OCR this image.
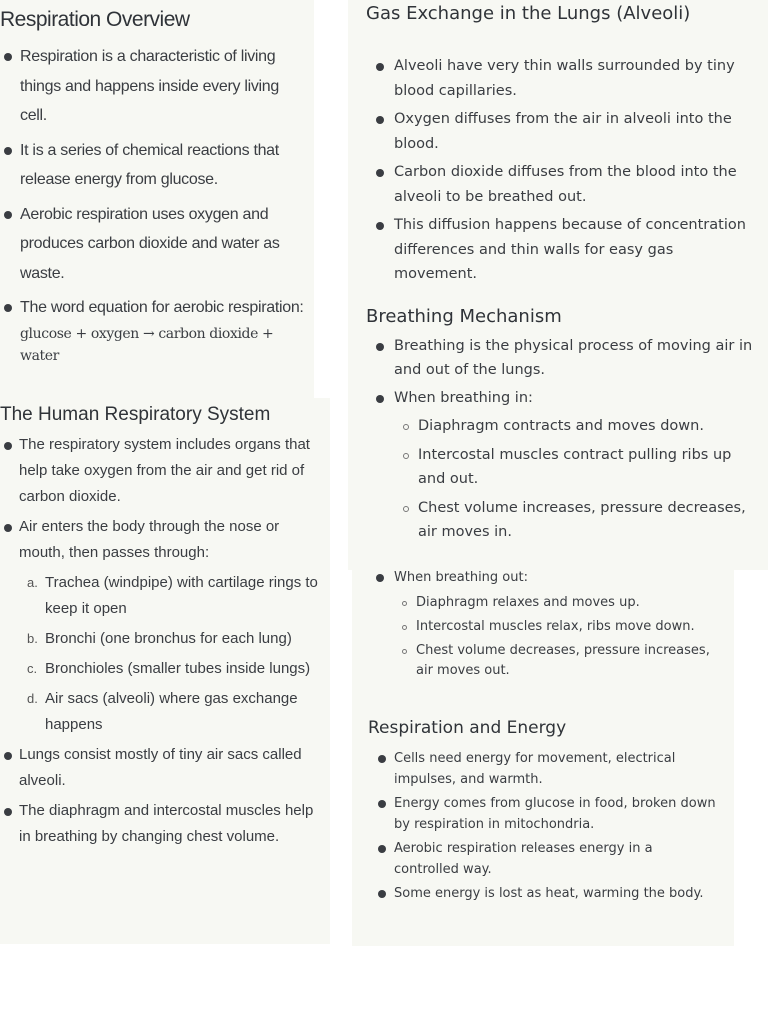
Respiration Overview
Respiration is a characteristic of living things and happens inside every living cell.
It is a series of chemical reactions that release energy from glucose.
Aerobic respiration uses oxygen and produces carbon dioxide and water as waste.
The word equation for aerobic respiration:
glucose + oxygen → carbon dioxide + water
The Human Respiratory System
The respiratory system includes organs that help take oxygen from the air and get rid of carbon dioxide.
Air enters the body through the nose or mouth, then passes through:
a. Trachea (windpipe) with cartilage rings to keep it open
b. Bronchi (one bronchus for each lung)
c. Bronchioles (smaller tubes inside lungs)
d. Air sacs (alveoli) where gas exchange happens
Lungs consist mostly of tiny air sacs called alveoli.
The diaphragm and intercostal muscles help in breathing by changing chest volume.
Gas Exchange in the Lungs (Alveoli)
Alveoli have very thin walls surrounded by tiny blood capillaries.
Oxygen diffuses from the air in alveoli into the blood.
Carbon dioxide diffuses from the blood into the alveoli to be breathed out.
This diffusion happens because of concentration differences and thin walls for easy gas movement.
Breathing Mechanism
Breathing is the physical process of moving air in and out of the lungs.
When breathing in:
Diaphragm contracts and moves down.
Intercostal muscles contract pulling ribs up and out.
Chest volume increases, pressure decreases, air moves in.
When breathing out:
Diaphragm relaxes and moves up.
Intercostal muscles relax, ribs move down.
Chest volume decreases, pressure increases, air moves out.
Respiration and Energy
Cells need energy for movement, electrical impulses, and warmth.
Energy comes from glucose in food, broken down by respiration in mitochondria.
Aerobic respiration releases energy in a controlled way.
Some energy is lost as heat, warming the body.
